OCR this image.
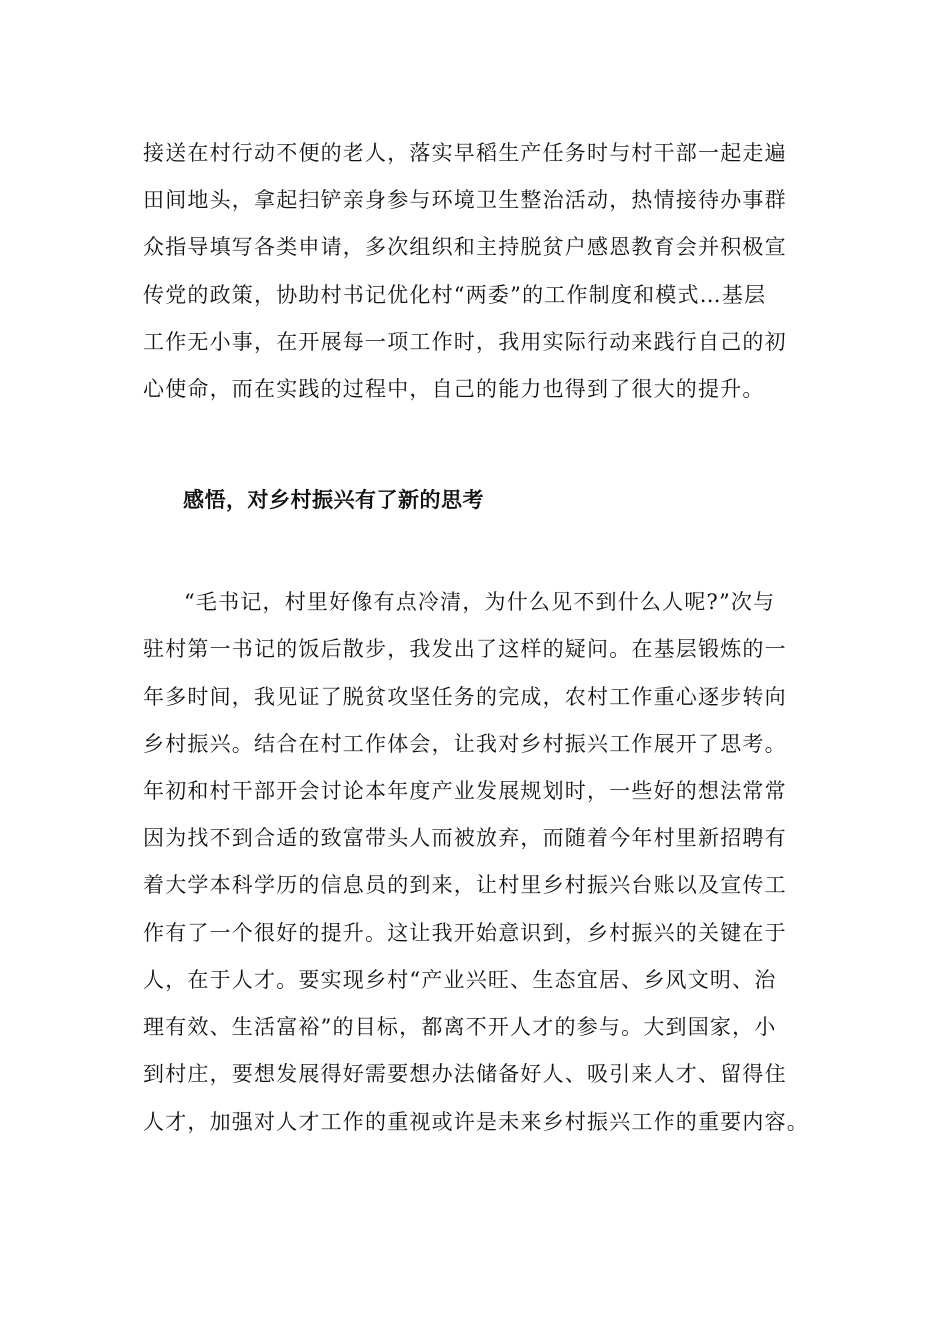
接送在村行动不便的老人，落实早稻生产任务时与村干部一起走遍
田间地头，拿起扫铲亲身参与环境卫生整治活动，热情接待办事群
众指导填写各类申请，多次组织和主持脱贫户感恩教育会并积极宣
传党的政策，协助村书记优化村“两委”的工作制度和模式…基层
工作无小事，在开展每一项工作时，我用实际行动来践行自己的初
心使命，而在实践的过程中，自己的能力也得到了很大的提升。
感悟，对乡村振兴有了新的思考
“毛书记，村里好像有点冷清，为什么见不到什么人呢?”次与
驻村第一书记的饭后散步，我发出了这样的疑问。在基层锻炼的一
年多时间，我见证了脱贫攻坚任务的完成，农村工作重心逐步转向
乡村振兴。结合在村工作体会，让我对乡村振兴工作展开了思考。
年初和村干部开会讨论本年度产业发展规划时，一些好的想法常常
因为找不到合适的致富带头人而被放弃，而随着今年村里新招聘有
着大学本科学历的信息员的到来，让村里乡村振兴台账以及宣传工
作有了一个很好的提升。这让我开始意识到，乡村振兴的关键在于
人，在于人才。要实现乡村“产业兴旺、生态宜居、乡风文明、治
理有效、生活富裕”的目标，都离不开人才的参与。大到国家，小
到村庄，要想发展得好需要想办法储备好人、吸引来人才、留得住
人才，加强对人才工作的重视或许是未来乡村振兴工作的重要内容。
